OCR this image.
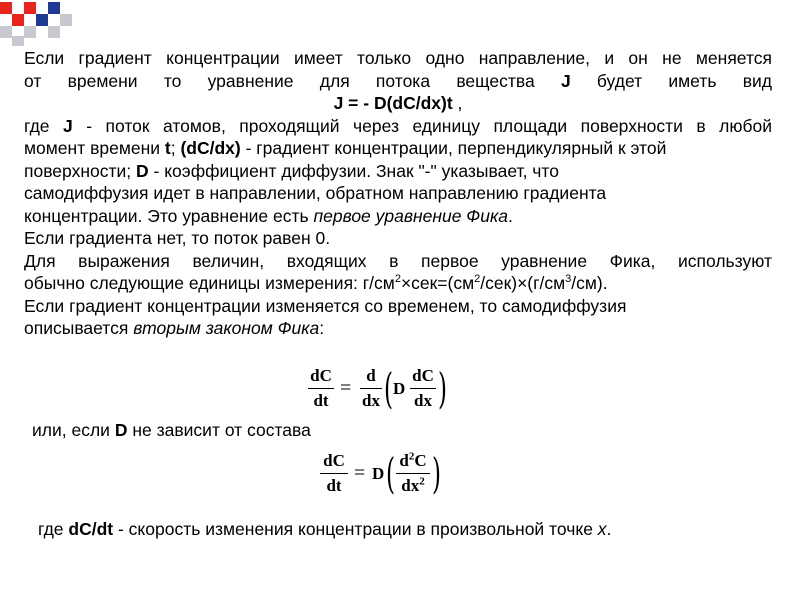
Если градиент концентрации имеет только одно направление, и он не меняется
от времени то уравнение для потока вещества J будет иметь вид
J = - D(dC/dx)t ,
где J - поток атомов, проходящий через единицу площади поверхности в любой
момент времени t; (dC/dx) - градиент концентрации, перпендикулярный к этой
поверхности; D - коэффициент диффузии. Знак "-" указывает, что
самодиффузия идет в направлении, обратном направлению градиента
концентрации. Это уравнение есть первое уравнение Фика.
Если градиента нет, то поток равен 0.
Для выражения величин, входящих в первое уравнение Фика, используют
обычно следующие единицы измерения: $г/см^2\times сек=(см^2/сек)\times(г/см^3/см)$.
Если градиент концентрации изменяется со временем, то самодиффузия
описывается вторым законом Фика:
dC
dt
=
d
dx ( D
dC
dx )
или, если D не зависит от состава
dC
dt
= D ( $d^2C$
$dx^2$ )
где dC/dt - скорость изменения концентрации в произвольной точке x.
